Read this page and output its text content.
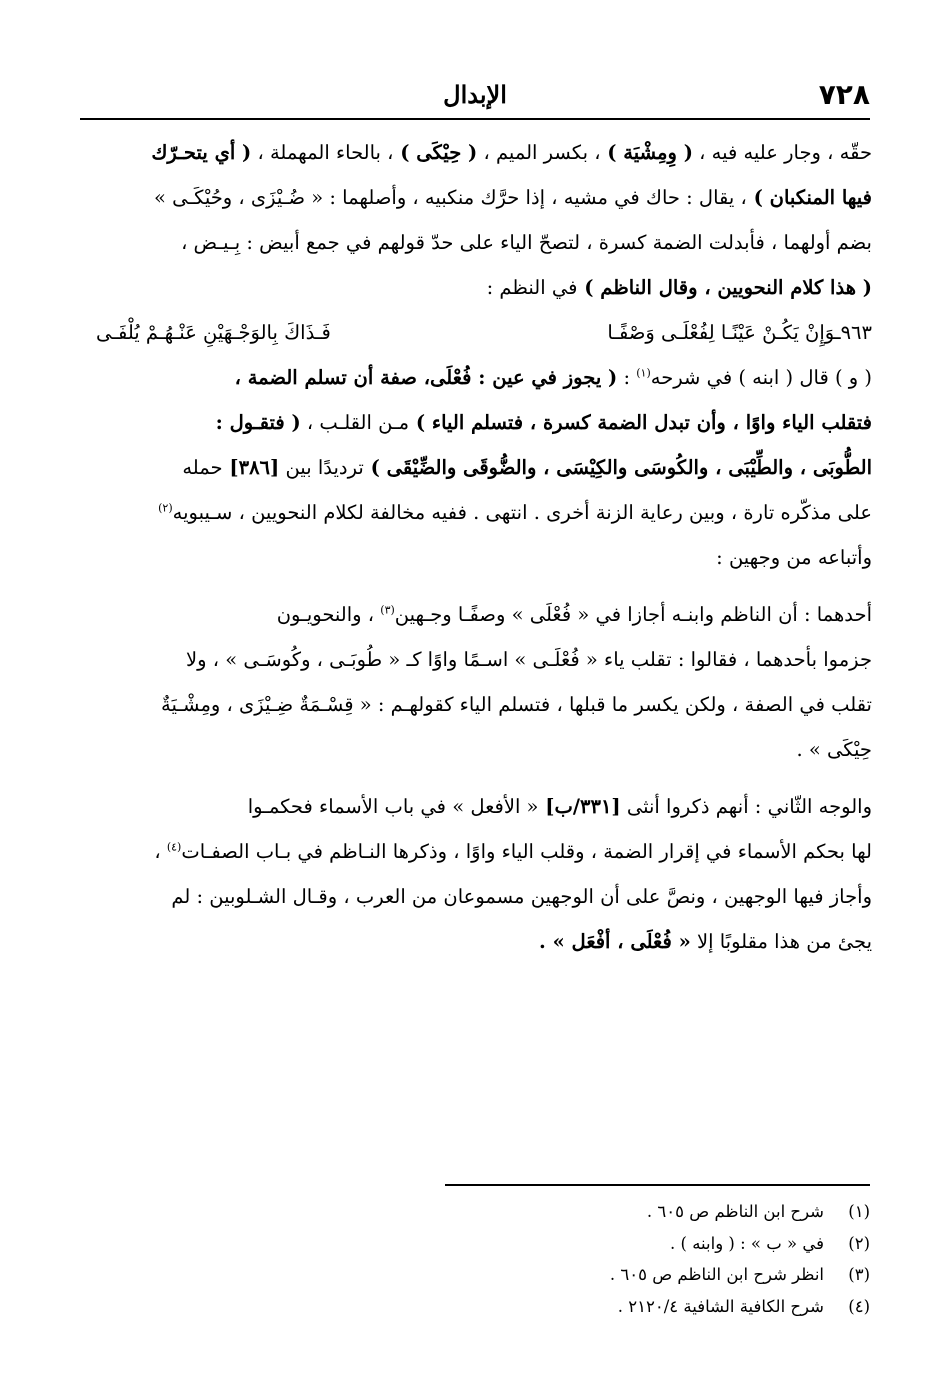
٧٢٨
الإبدال

حقّه ، وجار عليه فيه ، ( وِمِشْيَة ) ، بكسر الميم ، ( حِيْكَى ) ، بالحاء المهملة ، ( أي يتحـرّك

فيها المنكبان ) ، يقال : حاك في مشيه ، إذا حرَّك منكبيه ، وأصلهما : « ضُـيْزَى ، وحُيْكَـى »

بضم أولهما ، فأبدلت الضمة كسرة ، لتصحّ الياء على حدّ قولهم في جمع أبيض : بِـيـض ،

( هذا كلام النحويين ، وقال الناظم ) في النظم :

٩٦٣ـوَإِنْ يَكُـنْ عَيْنًـا لِفُعْلَـى وَصْفًـا
فَـذَاكَ بِالوَجْـهَيْنِ عَنْـهُـمْ يُلْفَـى

( و ) قال ( ابنه ) في شرحه$^{(١)}$ : ( يجوز في عين : فُعْلَى، صفة أن تسلم الضمة ،

فتقلب الياء واوًا ، وأن تبدل الضمة كسرة ، فتسلم الياء ) مـن القلـب ، ( فتقـول :

الطُّوبَى ، والطِّيْبَى ، والكُوسَى والكِيْسَى ، والضُّوقَى والضِّيْقَى ) ترديدًا بين [٣٨٦] حمله

على مذكّره تارة ، وبين رعاية الزنة أخرى . انتهى . ففيه مخالفة لكلام النحويين ، سـيبويه$^{(٢)}$

وأتباعه من وجهين :

أحدهما : أن الناظم وابنـه أجازا في « فُعْلَى » وصفًـا وجـهين$^{(٣)}$ ، والنحويـون

جزموا بأحدهما ، فقالوا : تقلب ياء « فُعْلَـى » اسـمًا واوًا كـ « طُوبَـى ، وكُوسَـى » ، ولا

تقلب في الصفة ، ولكن يكسر ما قبلها ، فتسلم الياء كقولهـم : « قِسْـمَةٌ ضِـيْزَى ، ومِشْـيَةٌ

حِيْكَى » .

والوجه الثّاني : أنهم ذكروا أنثى [٣٣١/ب] « الأفعل » في باب الأسماء فحكمـوا

لها بحكم الأسماء في إقرار الضمة ، وقلب الياء واوًا ، وذكرها النـاظم في بـاب الصفـات$^{(٤)}$ ،

وأجاز فيها الوجهين ، ونصَّ على أن الوجهين مسموعان من العرب ، وقـال الشـلوبين : لم

يجئ من هذا مقلوبًا إلا « فُعْلَى ، أفْعَل » .

(١)
شرح ابن الناظم ص ٦٠٥ .
(٢)
في « ب » : ( وابنه ) .
(٣)
انظر شرح ابن الناظم ص ٦٠٥ .
(٤)
شرح الكافية الشافية ٢١٢٠/٤ .
